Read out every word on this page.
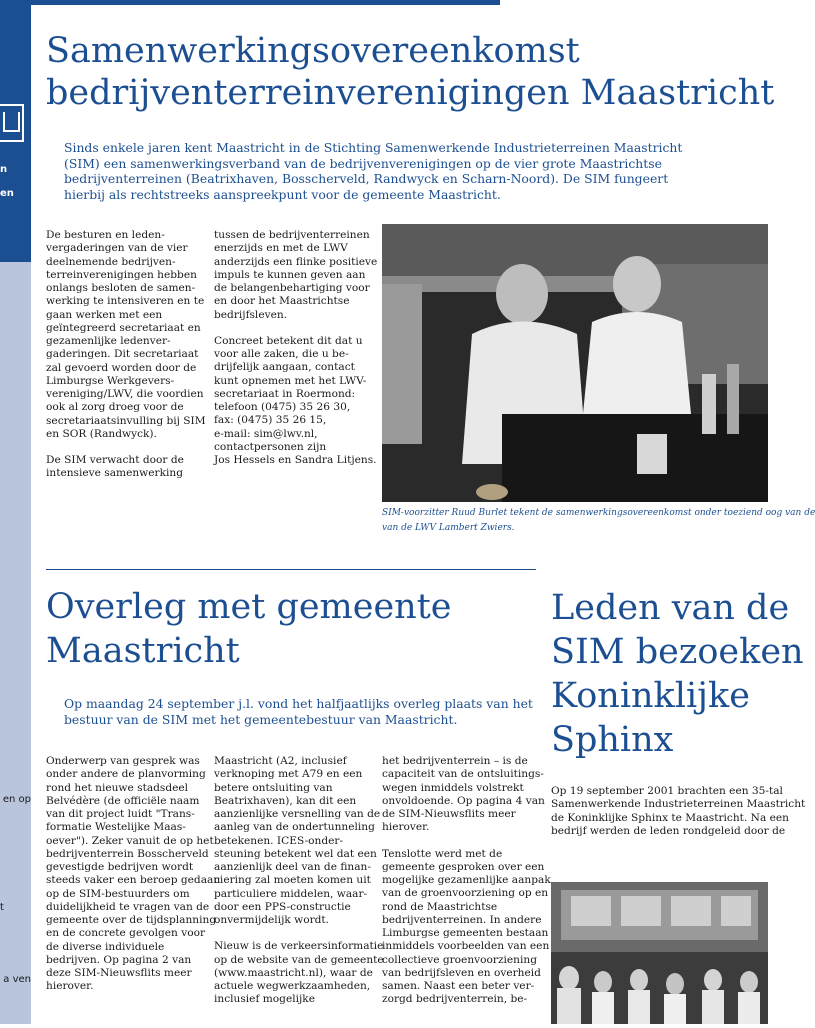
n
en
en op
t
a ven
Samenwerkingsovereenkomst
bedrijventerreinverenigingen Maastricht
Sinds enkele jaren kent Maastricht in de Stichting Samenwerkende Industrieterreinen Maastricht
(SIM) een samenwerkingsverband van de bedrijvenverenigingen op de vier grote Maastrichtse
bedrijventerreinen (Beatrixhaven, Bosscherveld, Randwyck en Scharn-Noord). De SIM fungeert
hierbij als rechtstreeks aanspreekpunt voor de gemeente Maastricht.

De besturen en leden-
vergaderingen van de vier
deelnemende bedrijven-
terreinverenigingen hebben
onlangs besloten de samen-
werking te intensiveren en te
gaan werken met een
geïntegreerd secretariaat en
gezamenlijke ledenver-
gaderingen. Dit secretariaat
zal gevoerd worden door de
Limburgse Werkgevers-
vereniging/LWV, die voordien
ook al zorg droeg voor de
secretariaatsinvulling bij SIM
en SOR (Randwyck).

De SIM verwacht door de
intensieve samenwerking

tussen de bedrijventerreinen
enerzijds en met de LWV
anderzijds een flinke positieve
impuls te kunnen geven aan
de belangenbehartiging voor
en door het Maastrichtse
bedrijfsleven.

Concreet betekent dit dat u
voor alle zaken, die u be-
drijfelijk aangaan, contact
kunt opnemen met het LWV-
secretariaat in Roermond:
telefoon (0475) 35 26 30,
fax: (0475) 35 26 15,
e-mail: sim@lwv.nl,
contactpersonen zijn
Jos Hessels en Sandra Litjens.

SIM-voorzitter Ruud Burlet tekent de samenwerkingsovereenkomst onder toeziend oog van de
van de LWV Lambert Zwiers.
Overleg met gemeente
Maastricht
Op maandag 24 september j.l. vond het halfjaatlijks overleg plaats van het
bestuur van de SIM met het gemeentebestuur van Maastricht.

Onderwerp van gesprek was
onder andere de planvorming
rond het nieuwe stadsdeel
Belvédère (de officiële naam
van dit project luidt "Trans-
formatie Westelijke Maas-
oever"). Zeker vanuit de op het
bedrijventerrein Bosscherveld
gevestigde bedrijven wordt
steeds vaker een beroep gedaan
op de SIM-bestuurders om
duidelijkheid te vragen van de
gemeente over de tijdsplanning
en de concrete gevolgen voor
de diverse individuele
bedrijven. Op pagina 2 van
deze SIM-Nieuwsflits meer
hierover.

Maastricht (A2, inclusief
verknoping met A79 en een
betere ontsluiting van
Beatrixhaven), kan dit een
aanzienlijke versnelling van de
aanleg van de ondertunneling
betekenen. ICES-onder-
steuning betekent wel dat een
aanzienlijk deel van de finan-
ciering zal moeten komen uit
particuliere middelen, waar-
door een PPS-constructie
onvermijdelijk wordt.

Nieuw is de verkeersinformatie
op de website van de gemeente
(www.maastricht.nl), waar de
actuele wegwerkzaamheden,
inclusief mogelijke

het bedrijventerrein – is de
capaciteit van de ontsluitings-
wegen inmiddels volstrekt
onvoldoende. Op pagina 4 van
de SIM-Nieuwsflits meer
hierover.

Tenslotte werd met de
gemeente gesproken over een
mogelijke gezamenlijke aanpak
van de groenvoorziening op en
rond de Maastrichtse
bedrijventerreinen. In andere
Limburgse gemeenten bestaan
inmiddels voorbeelden van een
collectieve groenvoorziening
van bedrijfsleven en overheid
samen. Naast een beter ver-
zorgd bedrijventerrein, be-

Leden van de
SIM bezoeken
Koninklijke
Sphinx

Op 19 september 2001 brachten een 35-tal
Samenwerkende Industrieterreinen Maastricht
de Koninklijke Sphinx te Maastricht. Na een
bedrijf werden de leden rondgeleid door de
